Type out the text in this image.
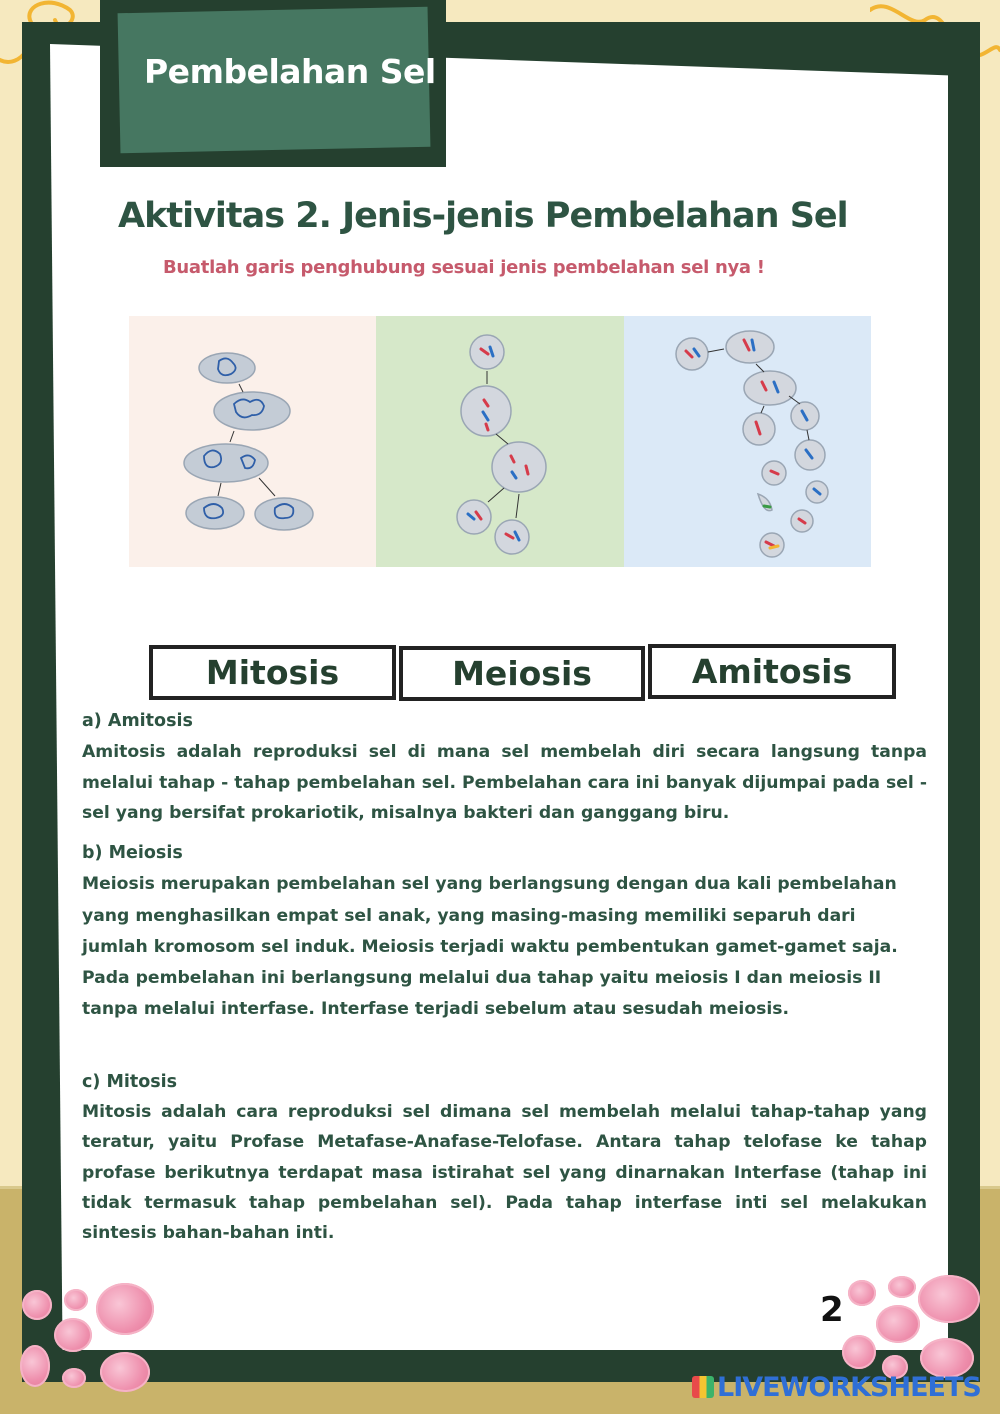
Pembelahan Sel
Aktivitas 2. Jenis-jenis Pembelahan Sel
Buatlah garis penghubung sesuai jenis pembelahan sel nya !
Mitosis	Meiosis	Amitosis
a) Amitosis
Amitosis adalah reproduksi sel di mana sel membelah diri secara langsung tanpa melalui tahap - tahap pembelahan sel. Pembelahan cara ini banyak dijumpai pada sel - sel yang bersifat prokariotik, misalnya bakteri dan ganggang biru.
b) Meiosis
Meiosis merupakan pembelahan sel yang berlangsung dengan dua kali pembelahan yang menghasilkan empat sel anak, yang masing-masing memiliki separuh dari jumlah kromosom sel induk. Meiosis terjadi waktu pembentukan gamet-gamet saja. Pada pembelahan ini berlangsung melalui dua tahap yaitu meiosis I dan meiosis II tanpa melalui interfase. Interfase terjadi sebelum atau sesudah meiosis.
c) Mitosis
Mitosis adalah cara reproduksi sel dimana sel membelah melalui tahap-tahap yang teratur, yaitu Profase Metafase-Anafase-Telofase. Antara tahap telofase ke tahap profase berikutnya terdapat masa istirahat sel yang dinarnakan Interfase (tahap ini tidak termasuk tahap pembelahan sel). Pada tahap interfase inti sel melakukan sintesis bahan-bahan inti.
2
LIVEWORKSHEETS
